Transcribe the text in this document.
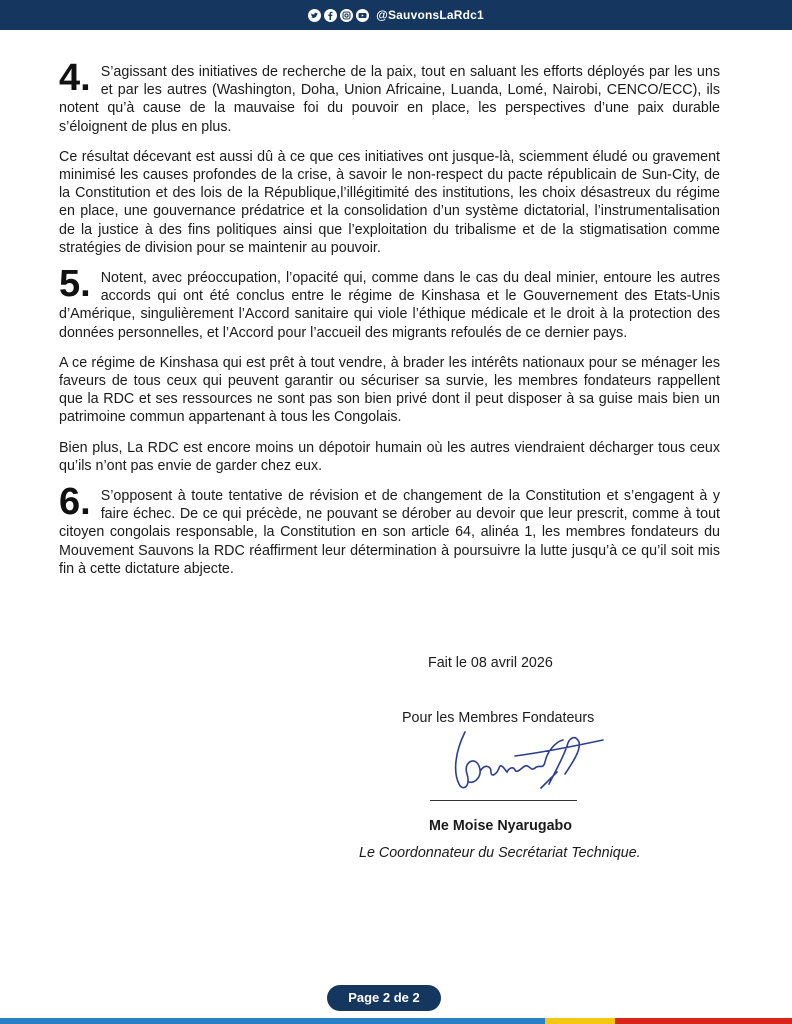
@SauvonsLaRdc1
4. S’agissant des initiatives de recherche de la paix, tout en saluant les efforts déployés par les uns et par les autres (Washington, Doha, Union Africaine, Luanda, Lomé, Nairobi, CENCO/ECC), ils notent qu’à cause de la mauvaise foi du pouvoir en place, les perspectives d’une paix durable s’éloignent de plus en plus.

Ce résultat décevant est aussi dû à ce que ces initiatives ont jusque-là, sciemment éludé ou gravement minimisé les causes profondes de la crise, à savoir le non-respect du pacte républicain de Sun-City, de la Constitution et des lois de la République,l’illégitimité des institutions, les choix désastreux du régime en place, une gouvernance prédatrice et la consolidation d’un système dictatorial, l’instrumentalisation de la justice à des fins politiques ainsi que l’exploitation du tribalisme et de la stigmatisation comme stratégies de division pour se maintenir au pouvoir.

5. Notent, avec préoccupation, l’opacité qui, comme dans le cas du deal minier, entoure les autres accords qui ont été conclus entre le régime de Kinshasa et le Gouvernement des Etats-Unis d’Amérique, singulièrement l’Accord sanitaire qui viole l’éthique médicale et le droit à la protection des données personnelles, et l’Accord pour l’accueil des migrants refoulés de ce dernier pays.

A ce régime de Kinshasa qui est prêt à tout vendre, à brader les intérêts nationaux pour se ménager les faveurs de tous ceux qui peuvent garantir ou sécuriser sa survie, les membres fondateurs rappellent que la RDC et ses ressources ne sont pas son bien privé dont il peut disposer à sa guise mais bien un patrimoine commun appartenant à tous les Congolais.

Bien plus, La RDC est encore moins un dépotoir humain où les autres viendraient décharger tous ceux qu’ils n’ont pas envie de garder chez eux.

6. S’opposent à toute tentative de révision et de changement de la Constitution et s’engagent à y faire échec. De ce qui précède, ne pouvant se dérober au devoir que leur prescrit, comme à tout citoyen congolais responsable, la Constitution en son article 64, alinéa 1, les membres fondateurs du Mouvement Sauvons la RDC réaffirment leur détermination à poursuivre la lutte jusqu’à ce qu’il soit mis fin à cette dictature abjecte.
Fait le 08 avril 2026
Pour les Membres Fondateurs
Me Moise Nyarugabo
Le Coordonnateur du Secrétariat Technique.
Page 2 de 2
